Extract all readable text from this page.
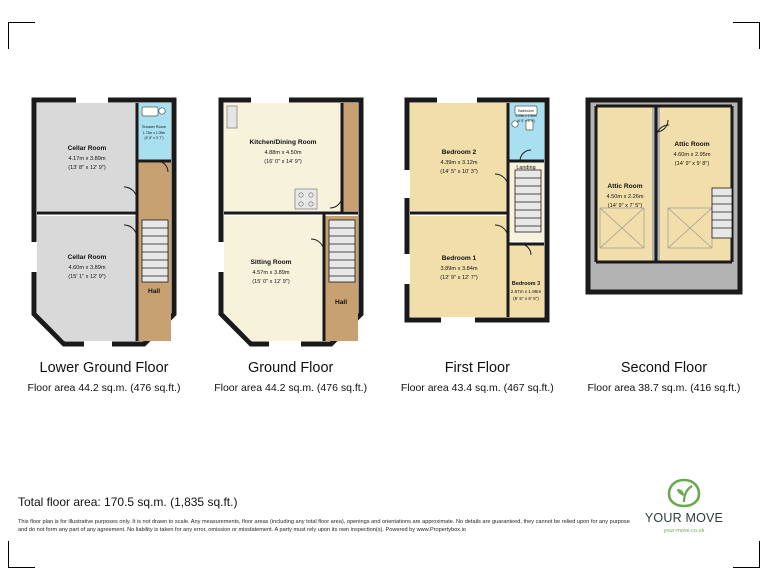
Cellar Room
4.17m x 3.89m
(13' 8" x 12' 9")
Cellar Room
4.60m x 3.89m
(15' 1" x 12' 9")
Hall
Shower Room
1.73m x 1.09m
(5' 8" x 3' 7")
Lower Ground Floor
Floor area 44.2 sq.m. (476 sq.ft.)
Kitchen/Dining Room
4.88m x 4.50m
(16' 0" x 14' 9")
Sitting Room
4.57m x 3.89m
(15' 0" x 12' 9")
Hall
Ground Floor
Floor area 44.2 sq.m. (476 sq.ft.)
Bedroom 2
4.39m x 3.12m
(14' 5" x 10' 3")
Bedroom 1
3.89m x 3.84m
(12' 9" x 12' 7")
Bedroom 3
2.57m x 1.96m
(8' 5" x 6' 5")
Landing
Bathroom
2.03m x 1.96m
(6' 8" x 6' 5")
First Floor
Floor area 43.4 sq.m. (467 sq.ft.)
Attic Room
4.60m x 2.95m
(14' 9" x 9' 8")
Attic Room
4.50m x 2.26m
(14' 9" x 7' 5")
Second Floor
Floor area 38.7 sq.m. (416 sq.ft.)
Total floor area: 170.5 sq.m. (1,835 sq.ft.)
This floor plan is for illustrative purposes only. It is not drawn to scale. Any measurements, floor areas (including any total floor area), openings and orientations are approximate. No details are guaranteed, they cannot be relied upon for any purpose and do not form any part of any agreement. No liability is taken for any error, omission or misstatement. A party must rely upon its own inspection(s). Powered by www.Propertybox.io
YOUR MOVE
your-move.co.uk
